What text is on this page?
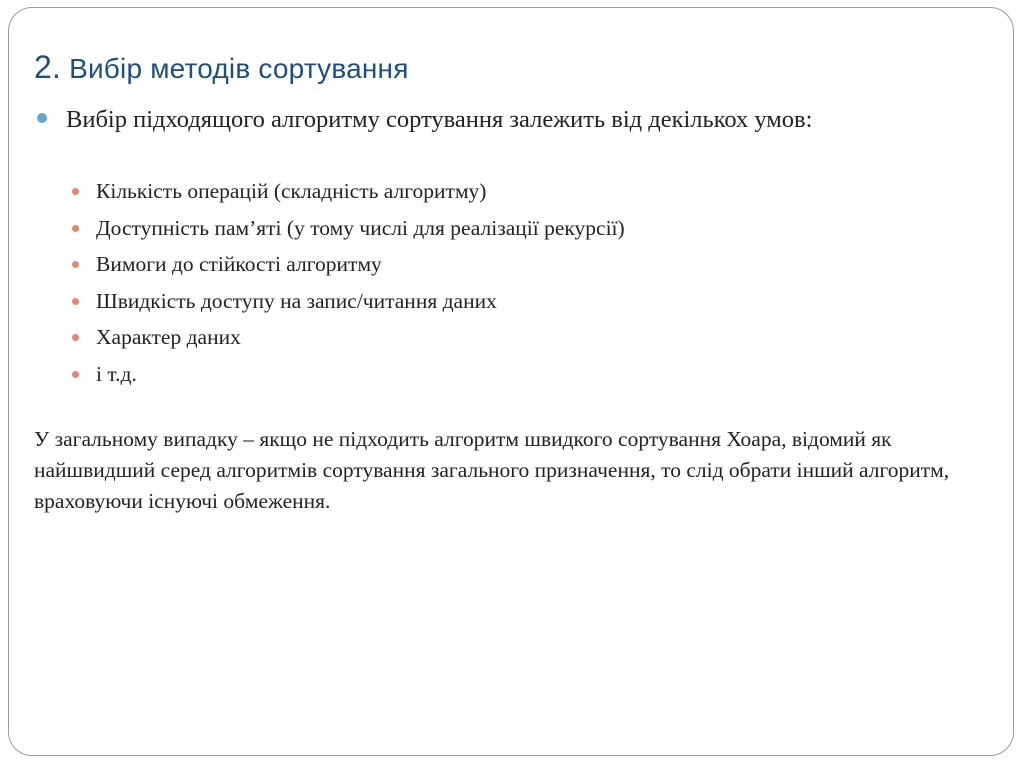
2. Вибір методів сортування
Вибір підходящого алгоритму сортування залежить від декількох умов:
Кількість операцій (складність алгоритму)
Доступність пам’яті (у тому числі для реалізації рекурсії)
Вимоги до стійкості алгоритму
Швидкість доступу на запис/читання даних
Характер даних
і т.д.
У загальному випадку – якщо не підходить алгоритм швидкого сортування Хоара, відомий як найшвидший серед алгоритмів сортування загального призначення, то слід обрати інший алгоритм, враховуючи існуючі обмеження.
